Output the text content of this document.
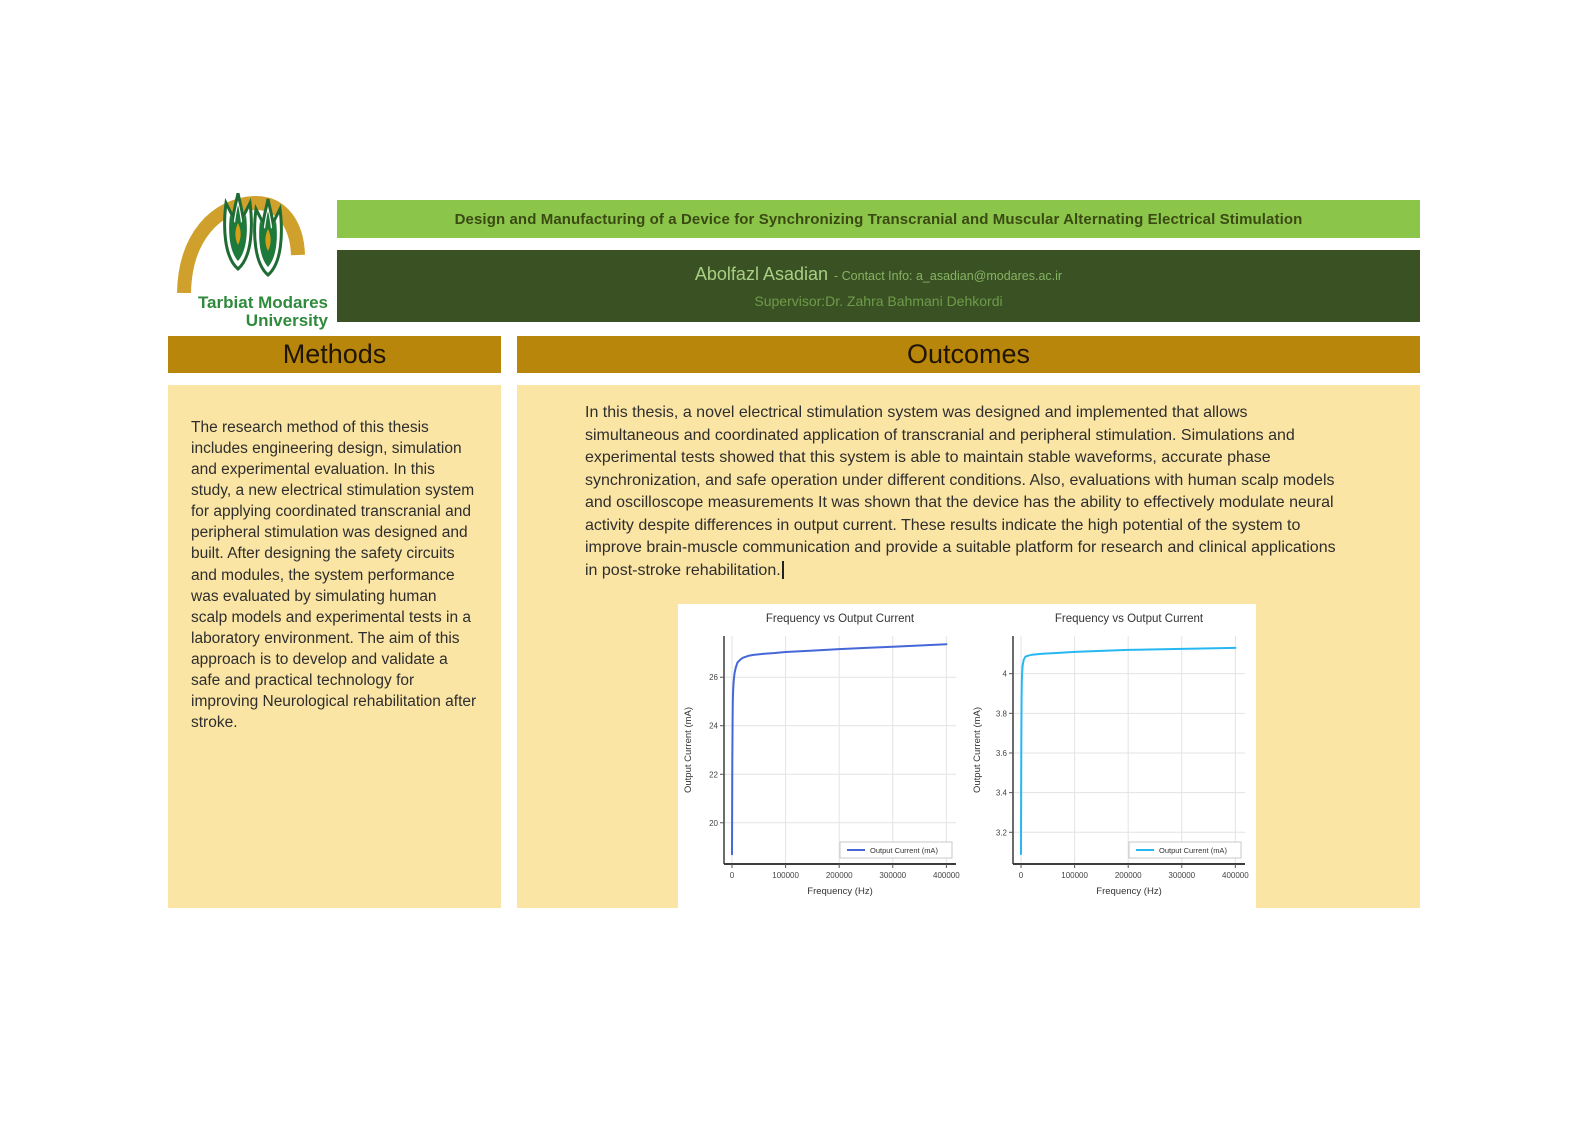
Tarbiat Modares
University
Design and Manufacturing of a Device for Synchronizing Transcranial and Muscular Alternating Electrical Stimulation
Abolfazl Asadian - Contact Info: a_asadian@modares.ac.ir
Supervisor:Dr. Zahra Bahmani Dehkordi
Methods	Outcomes
The research method of this thesis includes engineering design, simulation and experimental evaluation. In this study, a new electrical stimulation system for applying coordinated transcranial and peripheral stimulation was designed and built. After designing the safety circuits and modules, the system performance was evaluated by simulating human scalp models and experimental tests in a laboratory environment. The aim of this approach is to develop and validate a safe and practical technology for improving Neurological rehabilitation after stroke.
In this thesis, a novel electrical stimulation system was designed and implemented that allows simultaneous and coordinated application of transcranial and peripheral stimulation. Simulations and experimental tests showed that this system is able to maintain stable waveforms, accurate phase synchronization, and safe operation under different conditions. Also, evaluations with human scalp models and oscilloscope measurements It was shown that the device has the ability to effectively modulate neural activity despite differences in output current. These results indicate the high potential of the system to improve brain-muscle communication and provide a suitable platform for research and clinical applications in post-stroke rehabilitation.
0	100000	200000	300000	400000
20
22
24
26
Frequency vs Output Current
Frequency (Hz)
Output Current (mA)
Output Current (mA)
0	100000	200000	300000	400000
3.2
3.4
3.6
3.8
4
Frequency vs Output Current
Frequency (Hz)
Output Current (mA)
Output Current (mA)
